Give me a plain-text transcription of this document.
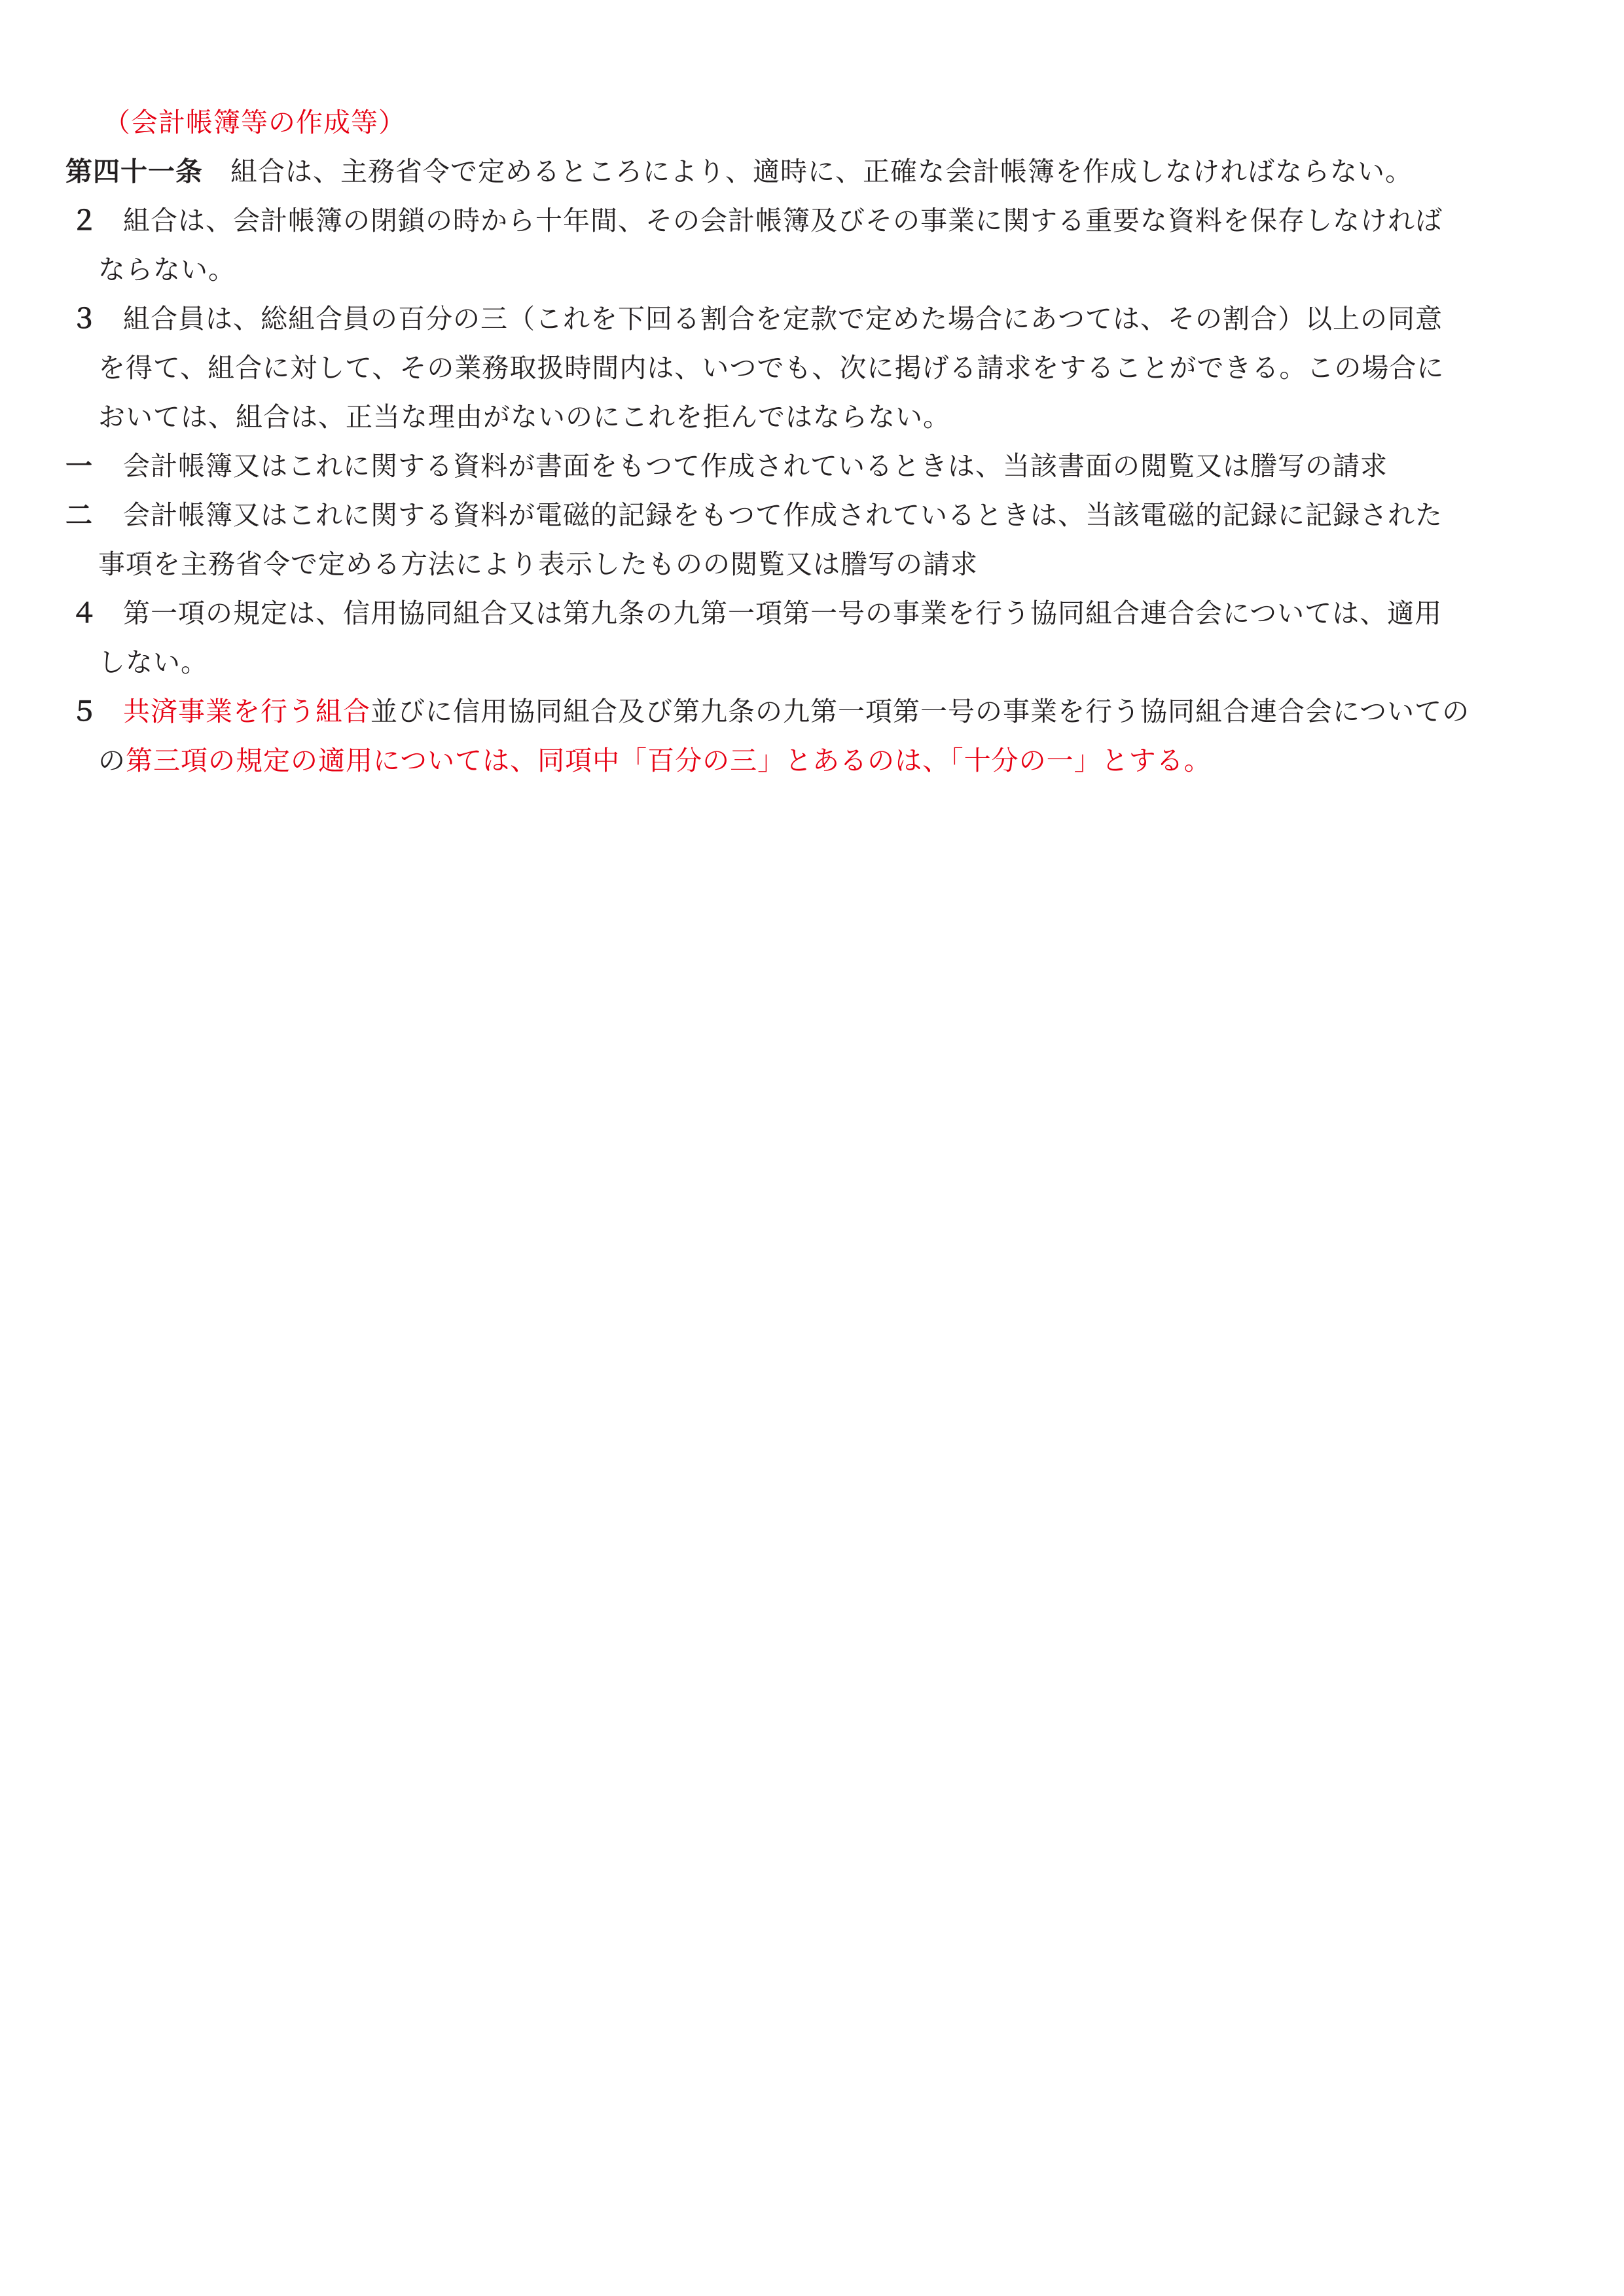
（会計帳簿等の作成等）
第四十一条 組合は、主務省令で定めるところにより、適時に、正確な会計帳簿を作成しなければならない。
２ 組合は、会計帳簿の閉鎖の時から十年間、その会計帳簿及びその事業に関する重要な資料を保存しなければ
ならない。
３ 組合員は、総組合員の百分の三（これを下回る割合を定款で定めた場合にあつては、その割合）以上の同意
を得て、組合に対して、その業務取扱時間内は、いつでも、次に掲げる請求をすることができる。この場合に
おいては、組合は、正当な理由がないのにこれを拒んではならない。
一 会計帳簿又はこれに関する資料が書面をもつて作成されているときは、当該書面の閲覧又は謄写の請求
二 会計帳簿又はこれに関する資料が電磁的記録をもつて作成されているときは、当該電磁的記録に記録された
事項を主務省令で定める方法により表示したものの閲覧又は謄写の請求
４ 第一項の規定は、信用協同組合又は第九条の九第一項第一号の事業を行う協同組合連合会については、適用
しない。
５ 共済事業を行う組合並びに信用協同組合及び第九条の九第一項第一号の事業を行う協同組合連合会についての
の第三項の規定の適用については、同項中「百分の三」とあるのは、「十分の一」とする。
